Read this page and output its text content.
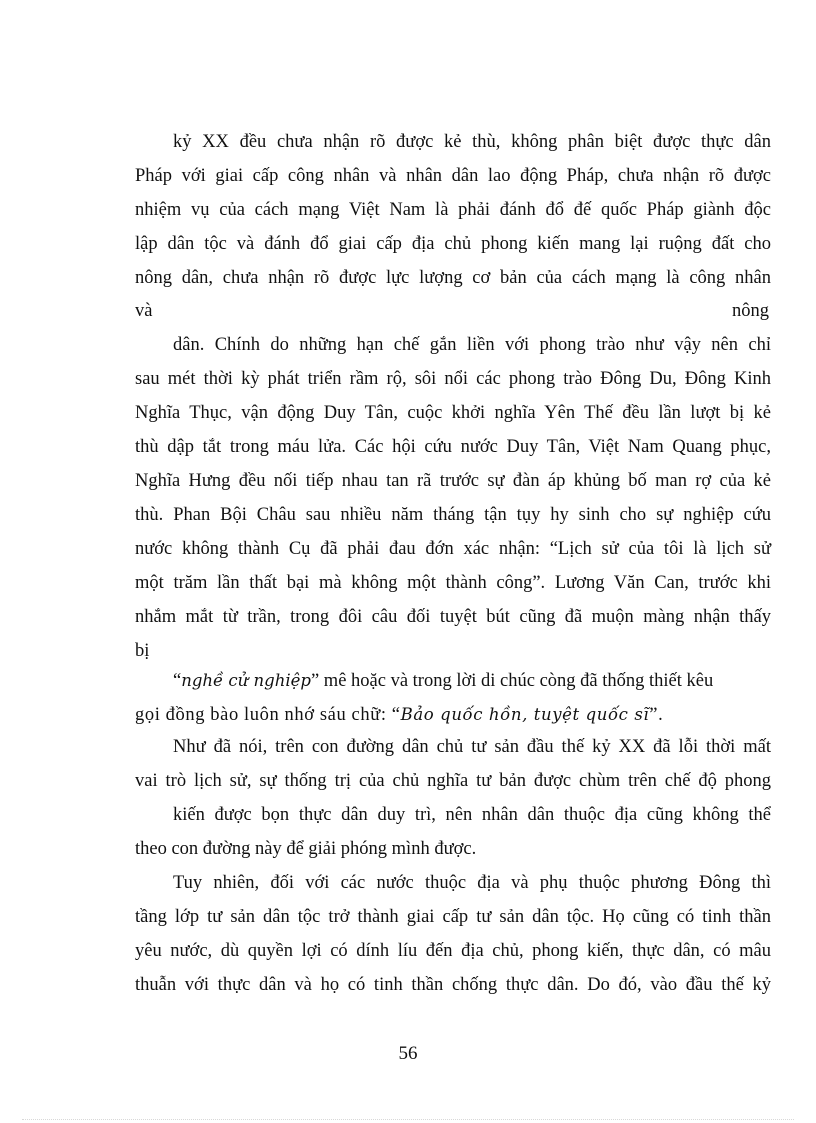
kỷ XX đều chưa nhận rõ được kẻ thù, không phân biệt được thực dân
Pháp với giai cấp công nhân và nhân dân lao động Pháp, chưa nhận rõ được
nhiệm vụ của cách mạng Việt Nam là phải đánh đổ đế quốc Pháp giành độc
lập dân tộc và đánh đổ giai cấp địa chủ phong kiến mang lại ruộng đất cho
nông dân, chưa nhận rõ được lực lượng cơ bản của cách mạng là công nhân
và	nông
dân. Chính do những hạn chế gắn liền với phong trào như vậy nên chỉ
sau mét thời kỳ phát triển rầm rộ, sôi nổi các phong trào Đông Du, Đông Kinh
Nghĩa Thục, vận động Duy Tân, cuộc khởi nghĩa Yên Thế đều lần lượt bị kẻ
thù dập tắt trong máu lửa. Các hội cứu nước Duy Tân, Việt Nam Quang phục,
Nghĩa Hưng đều nối tiếp nhau tan rã trước sự đàn áp khủng bố man rợ của kẻ
thù. Phan Bội Châu sau nhiều năm tháng tận tụy hy sinh cho sự nghiệp cứu
nước không thành Cụ đã phải đau đớn xác nhận: “Lịch sử của tôi là lịch sử
một trăm lần thất bại mà không một thành công”. Lương Văn Can, trước khi
nhắm mắt từ trần, trong đôi câu đối tuyệt bút cũng đã muộn màng nhận thấy
bị
“nghề cử nghiệp” mê hoặc và trong lời di chúc còng đã thống thiết kêu
gọi đồng bào luôn nhớ sáu chữ: “Bảo quốc hồn, tuyệt quốc sĩ”.
Như đã nói, trên con đường dân chủ tư sản đầu thế kỷ XX đã lỗi thời mất
vai trò lịch sử, sự thống trị của chủ nghĩa tư bản được chùm trên chế độ phong
kiến được bọn thực dân duy trì, nên nhân dân thuộc địa cũng không thể
theo con đường này để giải phóng mình được.
Tuy nhiên, đối với các nước thuộc địa và phụ thuộc phương Đông thì
tầng lớp tư sản dân tộc trở thành giai cấp tư sản dân tộc. Họ cũng có tinh thần
yêu nước, dù quyền lợi có dính líu đến địa chủ, phong kiến, thực dân, có mâu
thuẫn với thực dân và họ có tinh thần chống thực dân. Do đó, vào đầu thế kỷ
56
